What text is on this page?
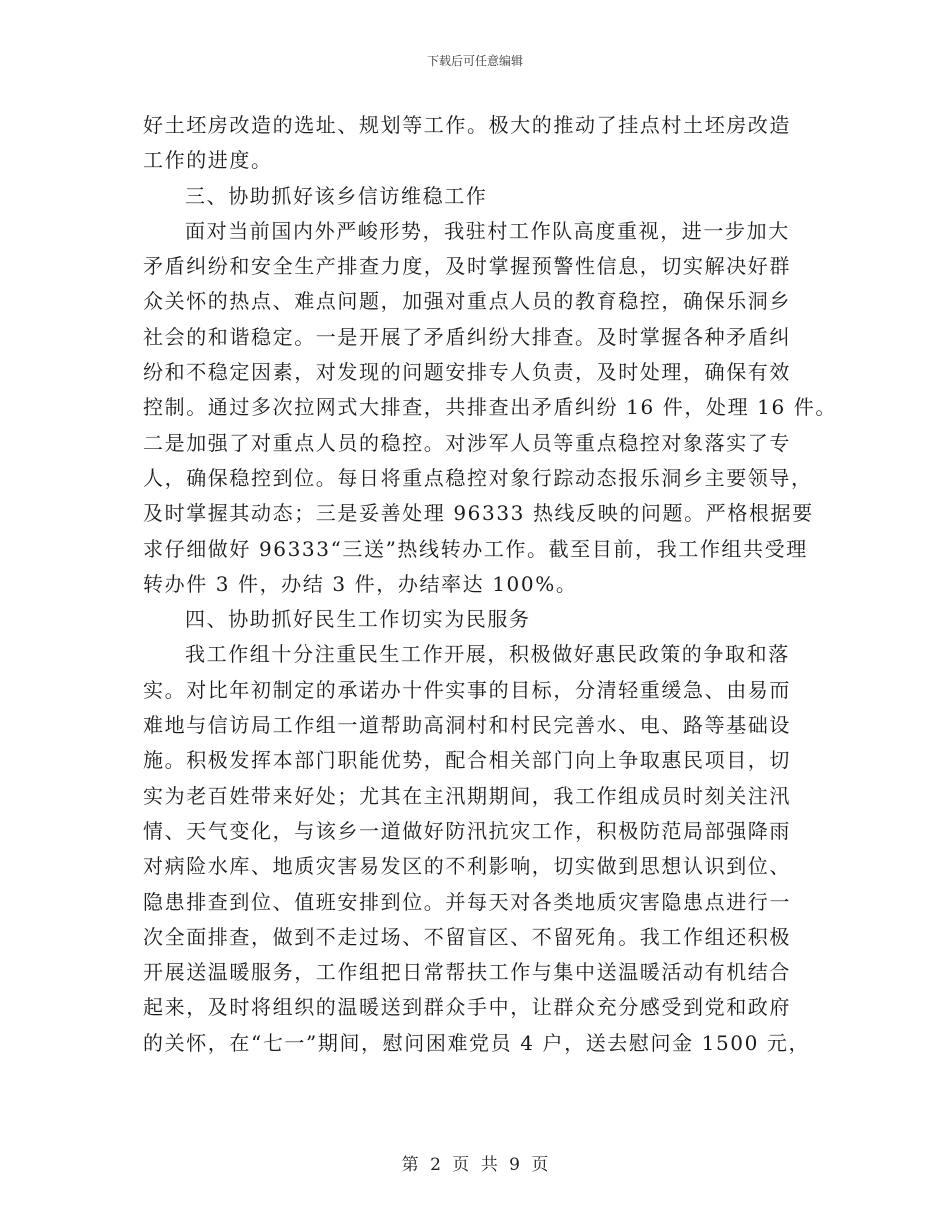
下载后可任意编辑
好土坯房改造的选址、规划等工作。极大的推动了挂点村土坯房改造
工作的进度。
三、协助抓好该乡信访维稳工作
面对当前国内外严峻形势，我驻村工作队高度重视，进一步加大
矛盾纠纷和安全生产排查力度，及时掌握预警性信息，切实解决好群
众关怀的热点、难点问题，加强对重点人员的教育稳控，确保乐洞乡
社会的和谐稳定。一是开展了矛盾纠纷大排查。及时掌握各种矛盾纠
纷和不稳定因素，对发现的问题安排专人负责，及时处理，确保有效
控制。通过多次拉网式大排查，共排查出矛盾纠纷 16 件，处理 16 件。
二是加强了对重点人员的稳控。对涉军人员等重点稳控对象落实了专
人，确保稳控到位。每日将重点稳控对象行踪动态报乐洞乡主要领导，
及时掌握其动态；三是妥善处理 96333 热线反映的问题。严格根据要
求仔细做好 96333“三送”热线转办工作。截至目前，我工作组共受理
转办件 3 件，办结 3 件，办结率达 100%。
四、协助抓好民生工作切实为民服务
我工作组十分注重民生工作开展，积极做好惠民政策的争取和落
实。对比年初制定的承诺办十件实事的目标，分清轻重缓急、由易而
难地与信访局工作组一道帮助高洞村和村民完善水、电、路等基础设
施。积极发挥本部门职能优势，配合相关部门向上争取惠民项目，切
实为老百姓带来好处；尤其在主汛期期间，我工作组成员时刻关注汛
情、天气变化，与该乡一道做好防汛抗灾工作，积极防范局部强降雨
对病险水库、地质灾害易发区的不利影响，切实做到思想认识到位、
隐患排查到位、值班安排到位。并每天对各类地质灾害隐患点进行一
次全面排查，做到不走过场、不留盲区、不留死角。我工作组还积极
开展送温暖服务，工作组把日常帮扶工作与集中送温暖活动有机结合
起来，及时将组织的温暖送到群众手中，让群众充分感受到党和政府
的关怀，在“七一”期间，慰问困难党员 4 户，送去慰问金 1500 元，
第 2 页 共 9 页
